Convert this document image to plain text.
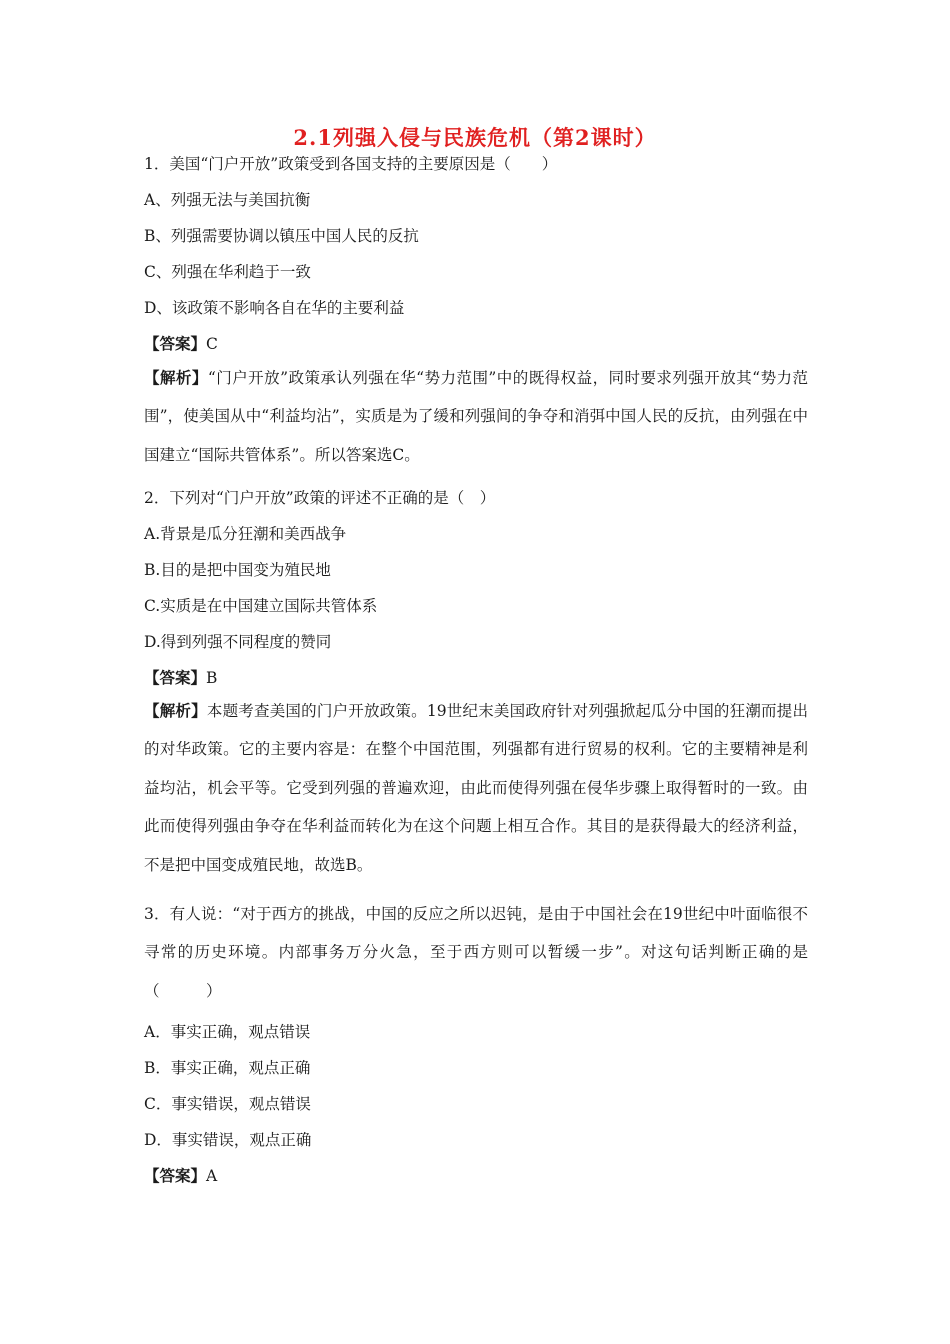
2.1列强入侵与民族危机（第2课时）
1．美国“门户开放”政策受到各国支持的主要原因是（　　）
A、列强无法与美国抗衡
B、列强需要协调以镇压中国人民的反抗
C、列强在华利趋于一致
D、该政策不影响各自在华的主要利益
【答案】C

【解析】“门户开放”政策承认列强在华“势力范围”中的既得权益，同时要求列强开放其“势力范围”，使美国从中“利益均沾”，实质是为了缓和列强间的争夺和消弭中国人民的反抗，由列强在中国建立“国际共管体系”。所以答案选C。

2．下列对“门户开放”政策的评述不正确的是（　）
A.背景是瓜分狂潮和美西战争
B.目的是把中国变为殖民地
C.实质是在中国建立国际共管体系
D.得到列强不同程度的赞同
【答案】B

【解析】本题考查美国的门户开放政策。19世纪末美国政府针对列强掀起瓜分中国的狂潮而提出的对华政策。它的主要内容是：在整个中国范围，列强都有进行贸易的权利。它的主要精神是利益均沾，机会平等。它受到列强的普遍欢迎，由此而使得列强在侵华步骤上取得暂时的一致。由此而使得列强由争夺在华利益而转化为在这个问题上相互合作。其目的是获得最大的经济利益，不是把中国变成殖民地，故选B。

3．有人说：“对于西方的挑战，中国的反应之所以迟钝，是由于中国社会在19世纪中叶面临很不寻常的历史环境。内部事务万分火急，至于西方则可以暂缓一步”。对这句话判断正确的是（　　　）

A．事实正确，观点错误
B．事实正确，观点正确
C．事实错误，观点错误
D．事实错误，观点正确
【答案】A
